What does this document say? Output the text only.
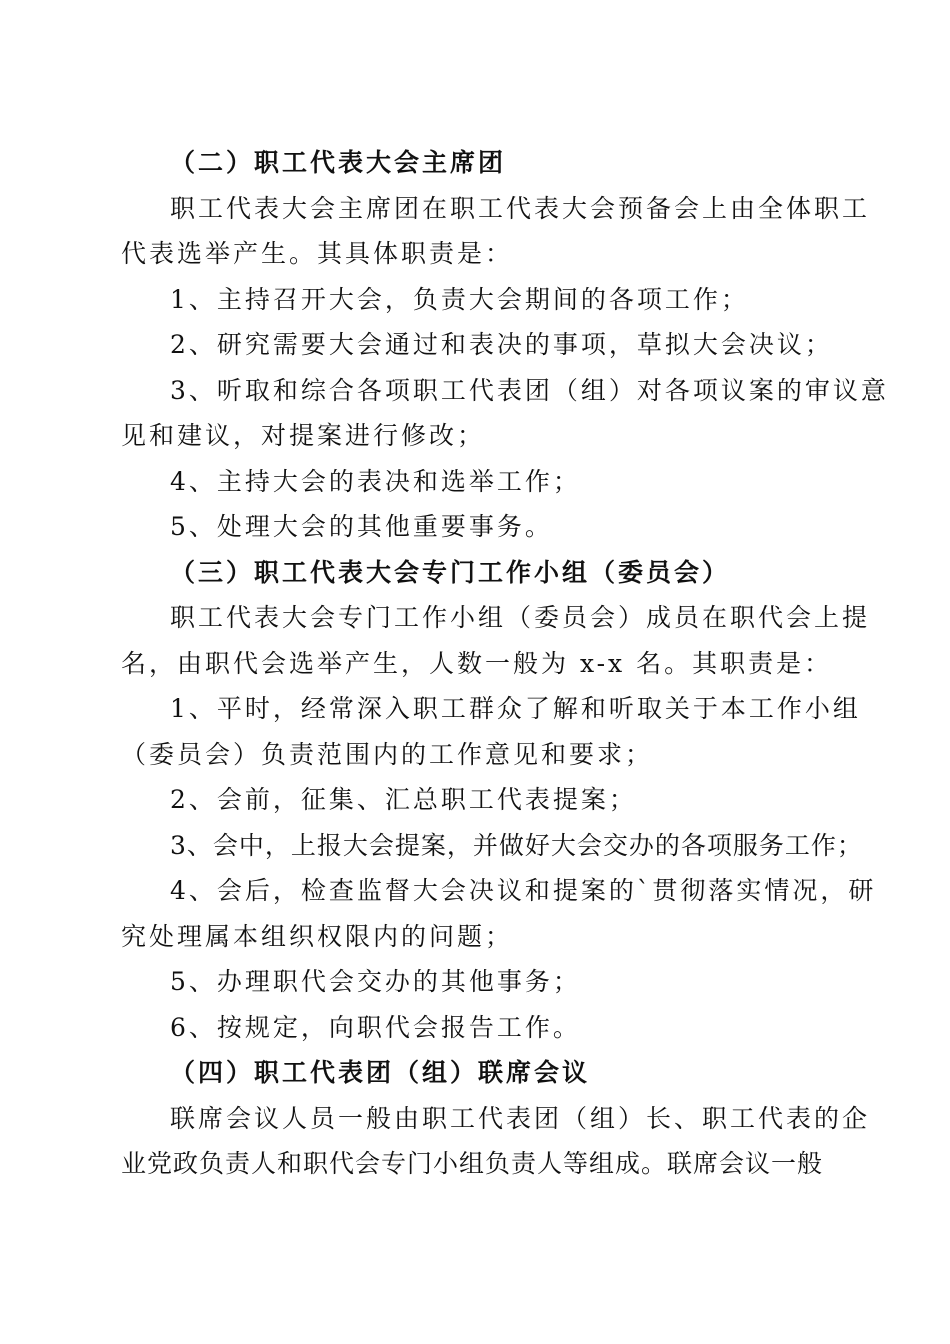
（二）职工代表大会主席团
职工代表大会主席团在职工代表大会预备会上由全体职工
代表选举产生。其具体职责是：
1、主持召开大会，负责大会期间的各项工作；
2、研究需要大会通过和表决的事项，草拟大会决议；
3、听取和综合各项职工代表团（组）对各项议案的审议意
见和建议，对提案进行修改；
4、主持大会的表决和选举工作；
5、处理大会的其他重要事务。
（三）职工代表大会专门工作小组（委员会）
职工代表大会专门工作小组（委员会）成员在职代会上提
名，由职代会选举产生，人数一般为 x-x 名。其职责是：
1、平时，经常深入职工群众了解和听取关于本工作小组
（委员会）负责范围内的工作意见和要求；
2、会前，征集、汇总职工代表提案；
3、会中，上报大会提案，并做好大会交办的各项服务工作；
4、会后，检查监督大会决议和提案的`贯彻落实情况，研
究处理属本组织权限内的问题；
5、办理职代会交办的其他事务；
6、按规定，向职代会报告工作。
（四）职工代表团（组）联席会议
联席会议人员一般由职工代表团（组）长、职工代表的企
业党政负责人和职代会专门小组负责人等组成。联席会议一般
